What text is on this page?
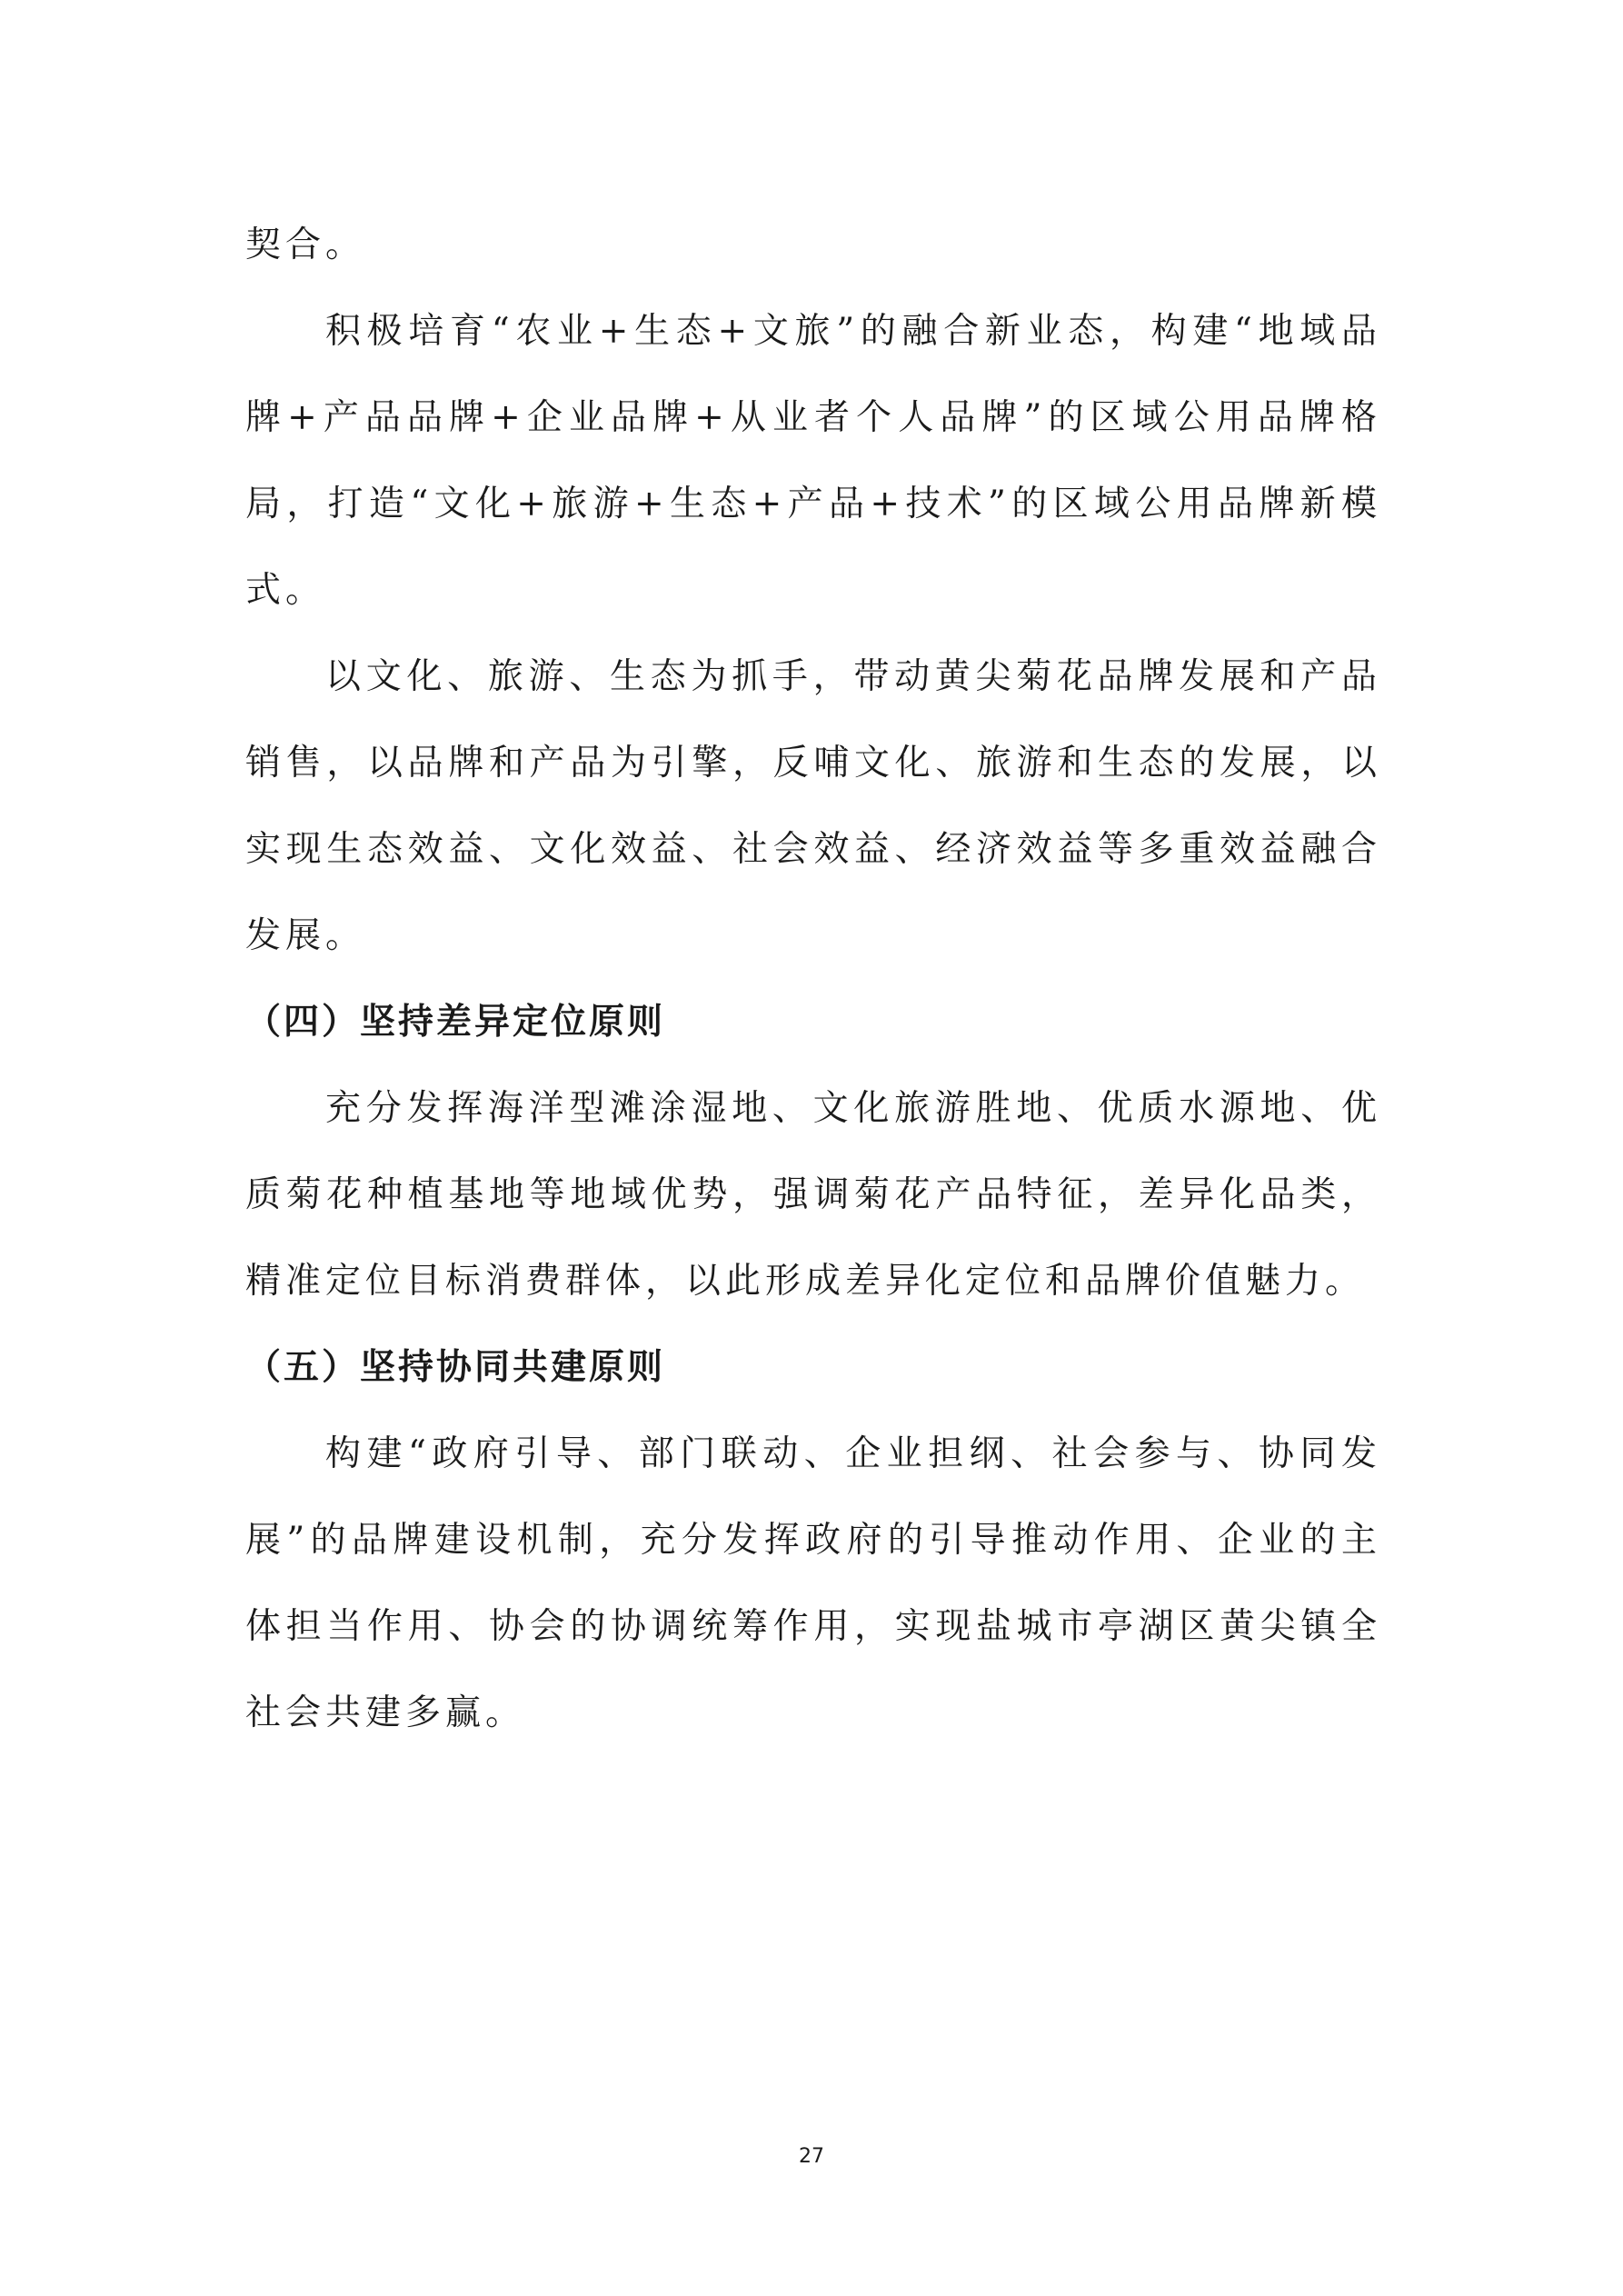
契合。

积极培育“农业+生态+文旅”的融合新业态，构建“地域品牌+产品品牌+企业品牌+从业者个人品牌”的区域公用品牌格局，打造“文化+旅游+生态+产品+技术”的区域公用品牌新模式。

以文化、旅游、生态为抓手，带动黄尖菊花品牌发展和产品销售，以品牌和产品为引擎，反哺文化、旅游和生态的发展，以实现生态效益、文化效益、社会效益、经济效益等多重效益融合发展。

（四）坚持差异定位原则

充分发挥海洋型滩涂湿地、文化旅游胜地、优质水源地、优质菊花种植基地等地域优势，强调菊花产品特征，差异化品类，精准定位目标消费群体，以此形成差异化定位和品牌价值魅力。

（五）坚持协同共建原则

构建“政府引导、部门联动、企业担纲、社会参与、协同发展”的品牌建设机制，充分发挥政府的引导推动作用、企业的主体担当作用、协会的协调统筹作用，实现盐城市亭湖区黄尖镇全社会共建多赢。

27
